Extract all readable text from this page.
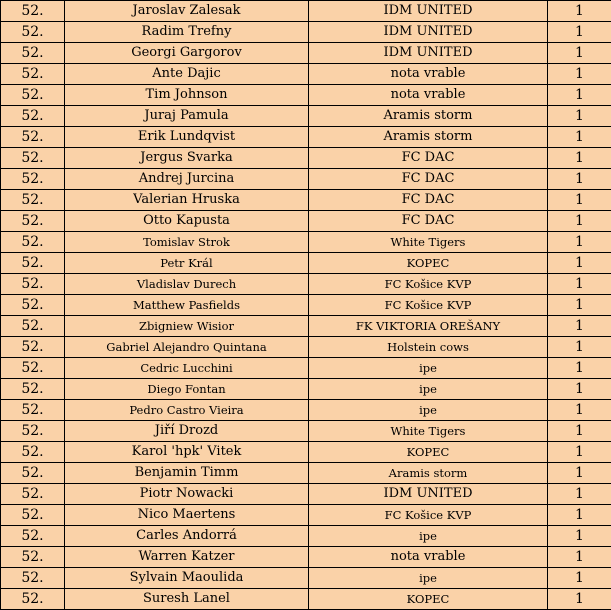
52.	Jaroslav Zalesak	IDM UNITED	1
52.	Radim Trefny	IDM UNITED	1
52.	Georgi Gargorov	IDM UNITED	1
52.	Ante Dajic	nota vrable	1
52.	Tim Johnson	nota vrable	1
52.	Juraj Pamula	Aramis storm	1
52.	Erik Lundqvist	Aramis storm	1
52.	Jergus Svarka	FC DAC	1
52.	Andrej Jurcina	FC DAC	1
52.	Valerian Hruska	FC DAC	1
52.	Otto Kapusta	FC DAC	1
52.	Tomislav Strok	White Tigers	1
52.	Petr Král	KOPEC	1
52.	Vladislav Durech	FC Košice KVP	1
52.	Matthew Pasfields	FC Košice KVP	1
52.	Zbigniew Wisior	FK VIKTORIA OREŠANY	1
52.	Gabriel Alejandro Quintana	Holstein cows	1
52.	Cedric Lucchini	ipe	1
52.	Diego Fontan	ipe	1
52.	Pedro Castro Vieira	ipe	1
52.	Jiří Drozd	White Tigers	1
52.	Karol 'hpk' Vitek	KOPEC	1
52.	Benjamin Timm	Aramis storm	1
52.	Piotr Nowacki	IDM UNITED	1
52.	Nico Maertens	FC Košice KVP	1
52.	Carles Andorrá	ipe	1
52.	Warren Katzer	nota vrable	1
52.	Sylvain Maoulida	ipe	1
52.	Suresh Lanel	KOPEC	1
